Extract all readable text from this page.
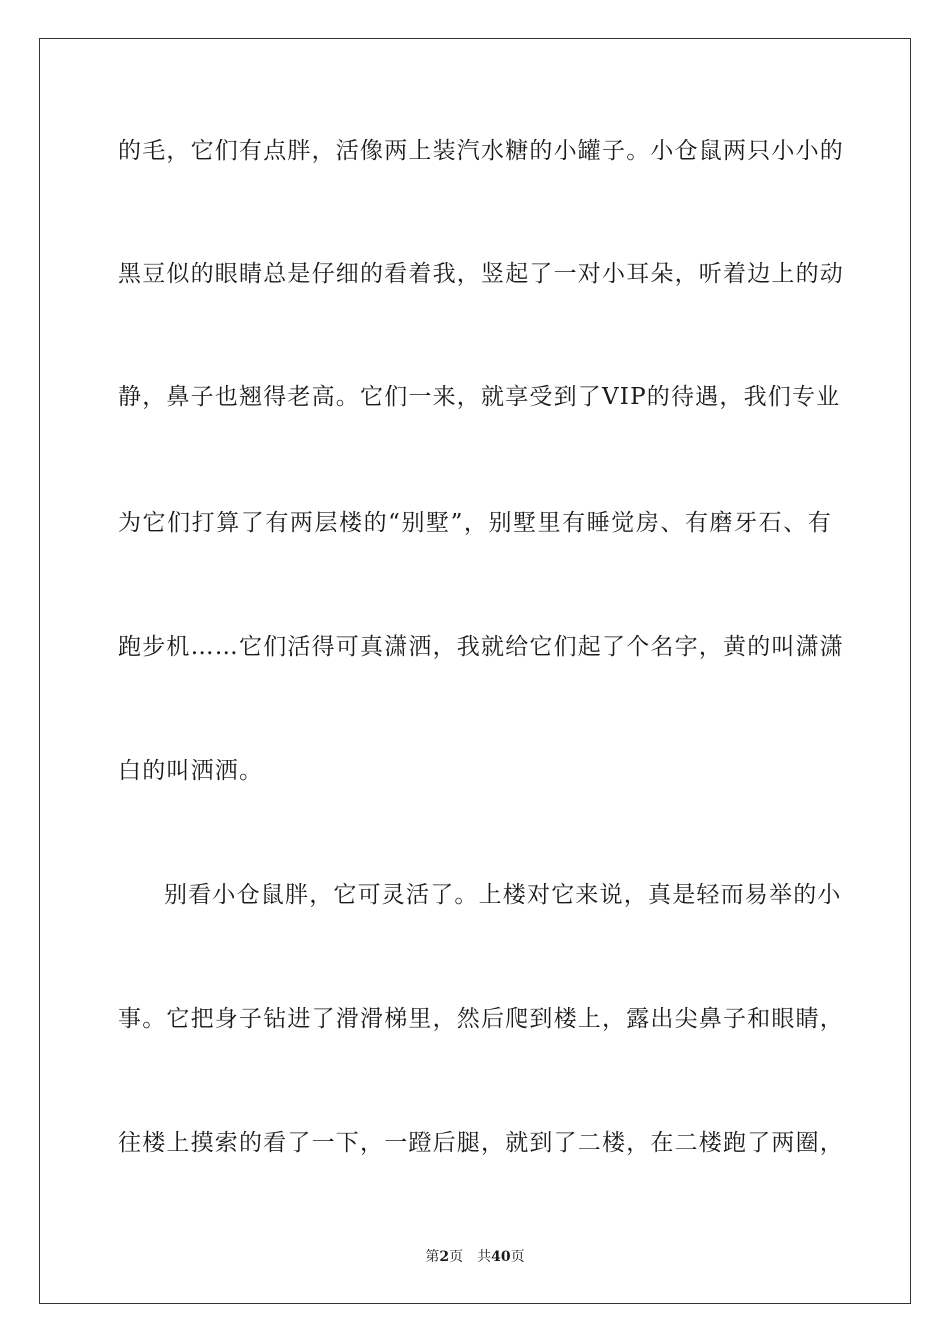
的毛，它们有点胖，活像两上装汽水糖的小罐子。小仓鼠两只小小的
黑豆似的眼睛总是仔细的看着我，竖起了一对小耳朵，听着边上的动
静，鼻子也翘得老高。它们一来，就享受到了VIP的待遇，我们专业
为它们打算了有两层楼的“别墅”，别墅里有睡觉房、有磨牙石、有
跑步机……它们活得可真潇洒，我就给它们起了个名字，黄的叫潇潇
白的叫洒洒。
别看小仓鼠胖，它可灵活了。上楼对它来说，真是轻而易举的小
事。它把身子钻进了滑滑梯里，然后爬到楼上，露出尖鼻子和眼睛，
往楼上摸索的看了一下，一蹬后腿，就到了二楼，在二楼跑了两圈，
第2页 共40页
